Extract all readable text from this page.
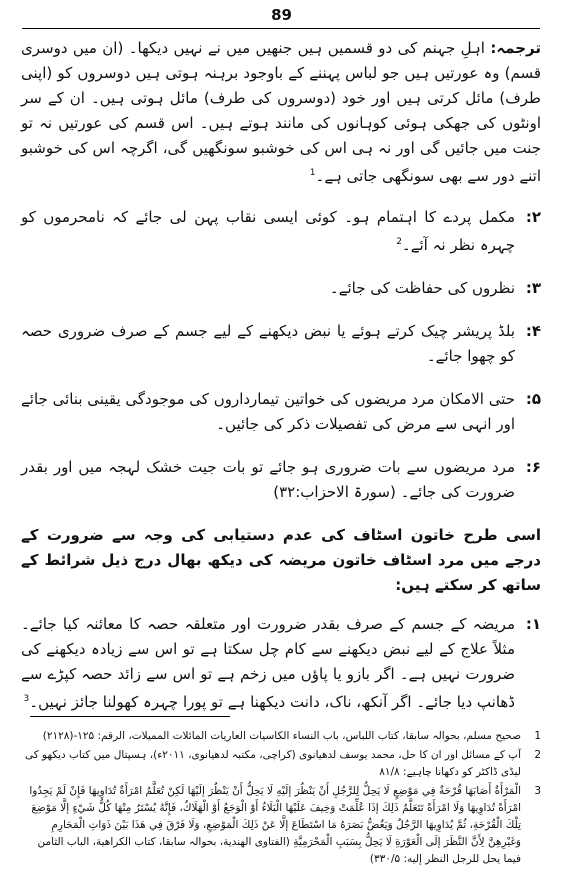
89

ترجمہ: اہلِ جہنم کی دو قسمیں ہیں جنھیں میں نے نہیں دیکھا۔ (ان میں دوسری قسم) وہ عورتیں ہیں جو لباس پہننے کے باوجود برہنہ ہوتی ہیں دوسروں کو (اپنی طرف) مائل کرتی ہیں اور خود (دوسروں کی طرف) مائل ہوتی ہیں۔ ان کے سر اونٹوں کی جھکی ہوئی کوہانوں کی مانند ہوتے ہیں۔ اس قسم کی عورتیں نہ تو جنت میں جائیں گی اور نہ ہی اس کی خوشبو سونگھیں گی، اگرچہ اس کی خوشبو اتنے دور سے بھی سونگھی جاتی ہے۔$^1$

۲:
مکمل پردے کا اہتمام ہو۔ کوئی ایسی نقاب پہن لی جائے کہ نامحرموں کو چہرہ نظر نہ آئے۔$^2$
۳:
نظروں کی حفاظت کی جائے۔
۴:
بلڈ پریشر چیک کرتے ہوئے یا نبض دیکھنے کے لیے جسم کے صرف ضروری حصہ کو چھوا جائے۔
۵:
حتی الامکان مرد مریضوں کی خواتین تیمارداروں کی موجودگی یقینی بنائی جائے اور انہی سے مرض کی تفصیلات ذکر کی جائیں۔
۶:
مرد مریضوں سے بات ضروری ہو جائے تو بات جیت خشک لہجہ میں اور بقدر ضرورت کی جائے۔ (سورۃ الاحزاب:۳۲)

اسی طرح خاتون اسٹاف کی عدم دستیابی کی وجہ سے ضرورت کے درجے میں مرد اسٹاف خاتون مریضہ کی دیکھ بھال درج ذیل شرائط کے ساتھ کر سکتے ہیں:

۱:
مریضہ کے جسم کے صرف بقدر ضرورت اور متعلقہ حصہ کا معائنہ کیا جائے۔ مثلاً علاج کے لیے نبض دیکھنے سے کام چل سکتا ہے تو اس سے زیادہ دیکھنے کی ضرورت نہیں ہے۔ اگر بازو یا پاؤں میں زخم ہے تو اس سے زائد حصہ کپڑے سے ڈھانپ دیا جائے۔ اگر آنکھ، ناک، دانت دیکھنا ہے تو پورا چہرہ کھولنا جائز نہیں۔$^3$
1
صحیح مسلم، بحوالہ سابقا، کتاب اللباس، باب النساء الکاسیات العاریات المائلات الممیلات، الرقم: ۱۲۵-(۲۱۲۸)
2
آپ کے مسائل اور ان کا حل، محمد یوسف لدھیانوی (کراچی، مکتبہ لدھیانوی، ۲۰۱۱ء)، ہسپتال میں کتاب دیکھو کی لیڈی ڈاکٹر کو دکھانا چاہیے: ۸۱/۸
3
الْمَرْأَةُ أَصَابَهَا قُرْحَةٌ فِي مَوْضِعٍ لَا يَحِلُّ لِلرَّجُلِ أَنْ يَنْظُرَ إلَيْهِ لَا يَحِلُّ أَنْ يَنْظُرَ إلَيْهَا لَكِنْ تُعَلَّمُ امْرَأَةٌ تُدَاوِيهَا فَإِنْ لَمْ يَجِدُوا امْرَأَةً تُدَاوِيهَا وَلَا امْرَأَةً تَتَعَلَّمُ ذَلِكَ إذَا عُلِّمَتْ وَخِيفَ عَلَيْهَا الْبَلَاءُ أَوْ الْوَجَعُ أَوْ الْهَلَاكُ، فَإِنَّهُ يُسْتَرُ مِنْهَا كُلُّ شَيْءٍ إلَّا مَوْضِعَ تِلْكَ الْقُرْحَةِ، ثُمَّ يُدَاوِيهَا الرَّجُلُ وَيَغُضُّ بَصَرَهُ مَا اسْتَطَاعَ إلَّا عَنْ ذَلِكَ الْمَوْضِعِ، وَلَا فَرْقَ فِي هَذَا بَيْنَ ذَوَاتِ الْمَحَارِمِ وَغَيْرِهِنَّ لِأَنَّ النَّظَرَ إلَى الْعَوْرَةِ لَا يَحِلُّ بِسَبَبِ الْمَحْرَمِيَّةِ (الفتاوى الهندية، بحوالہ سابقا، کتاب الکراھیة، الباب الثامن فيما يحل للرجل النظر إليه: ۳۳۰/۵)
